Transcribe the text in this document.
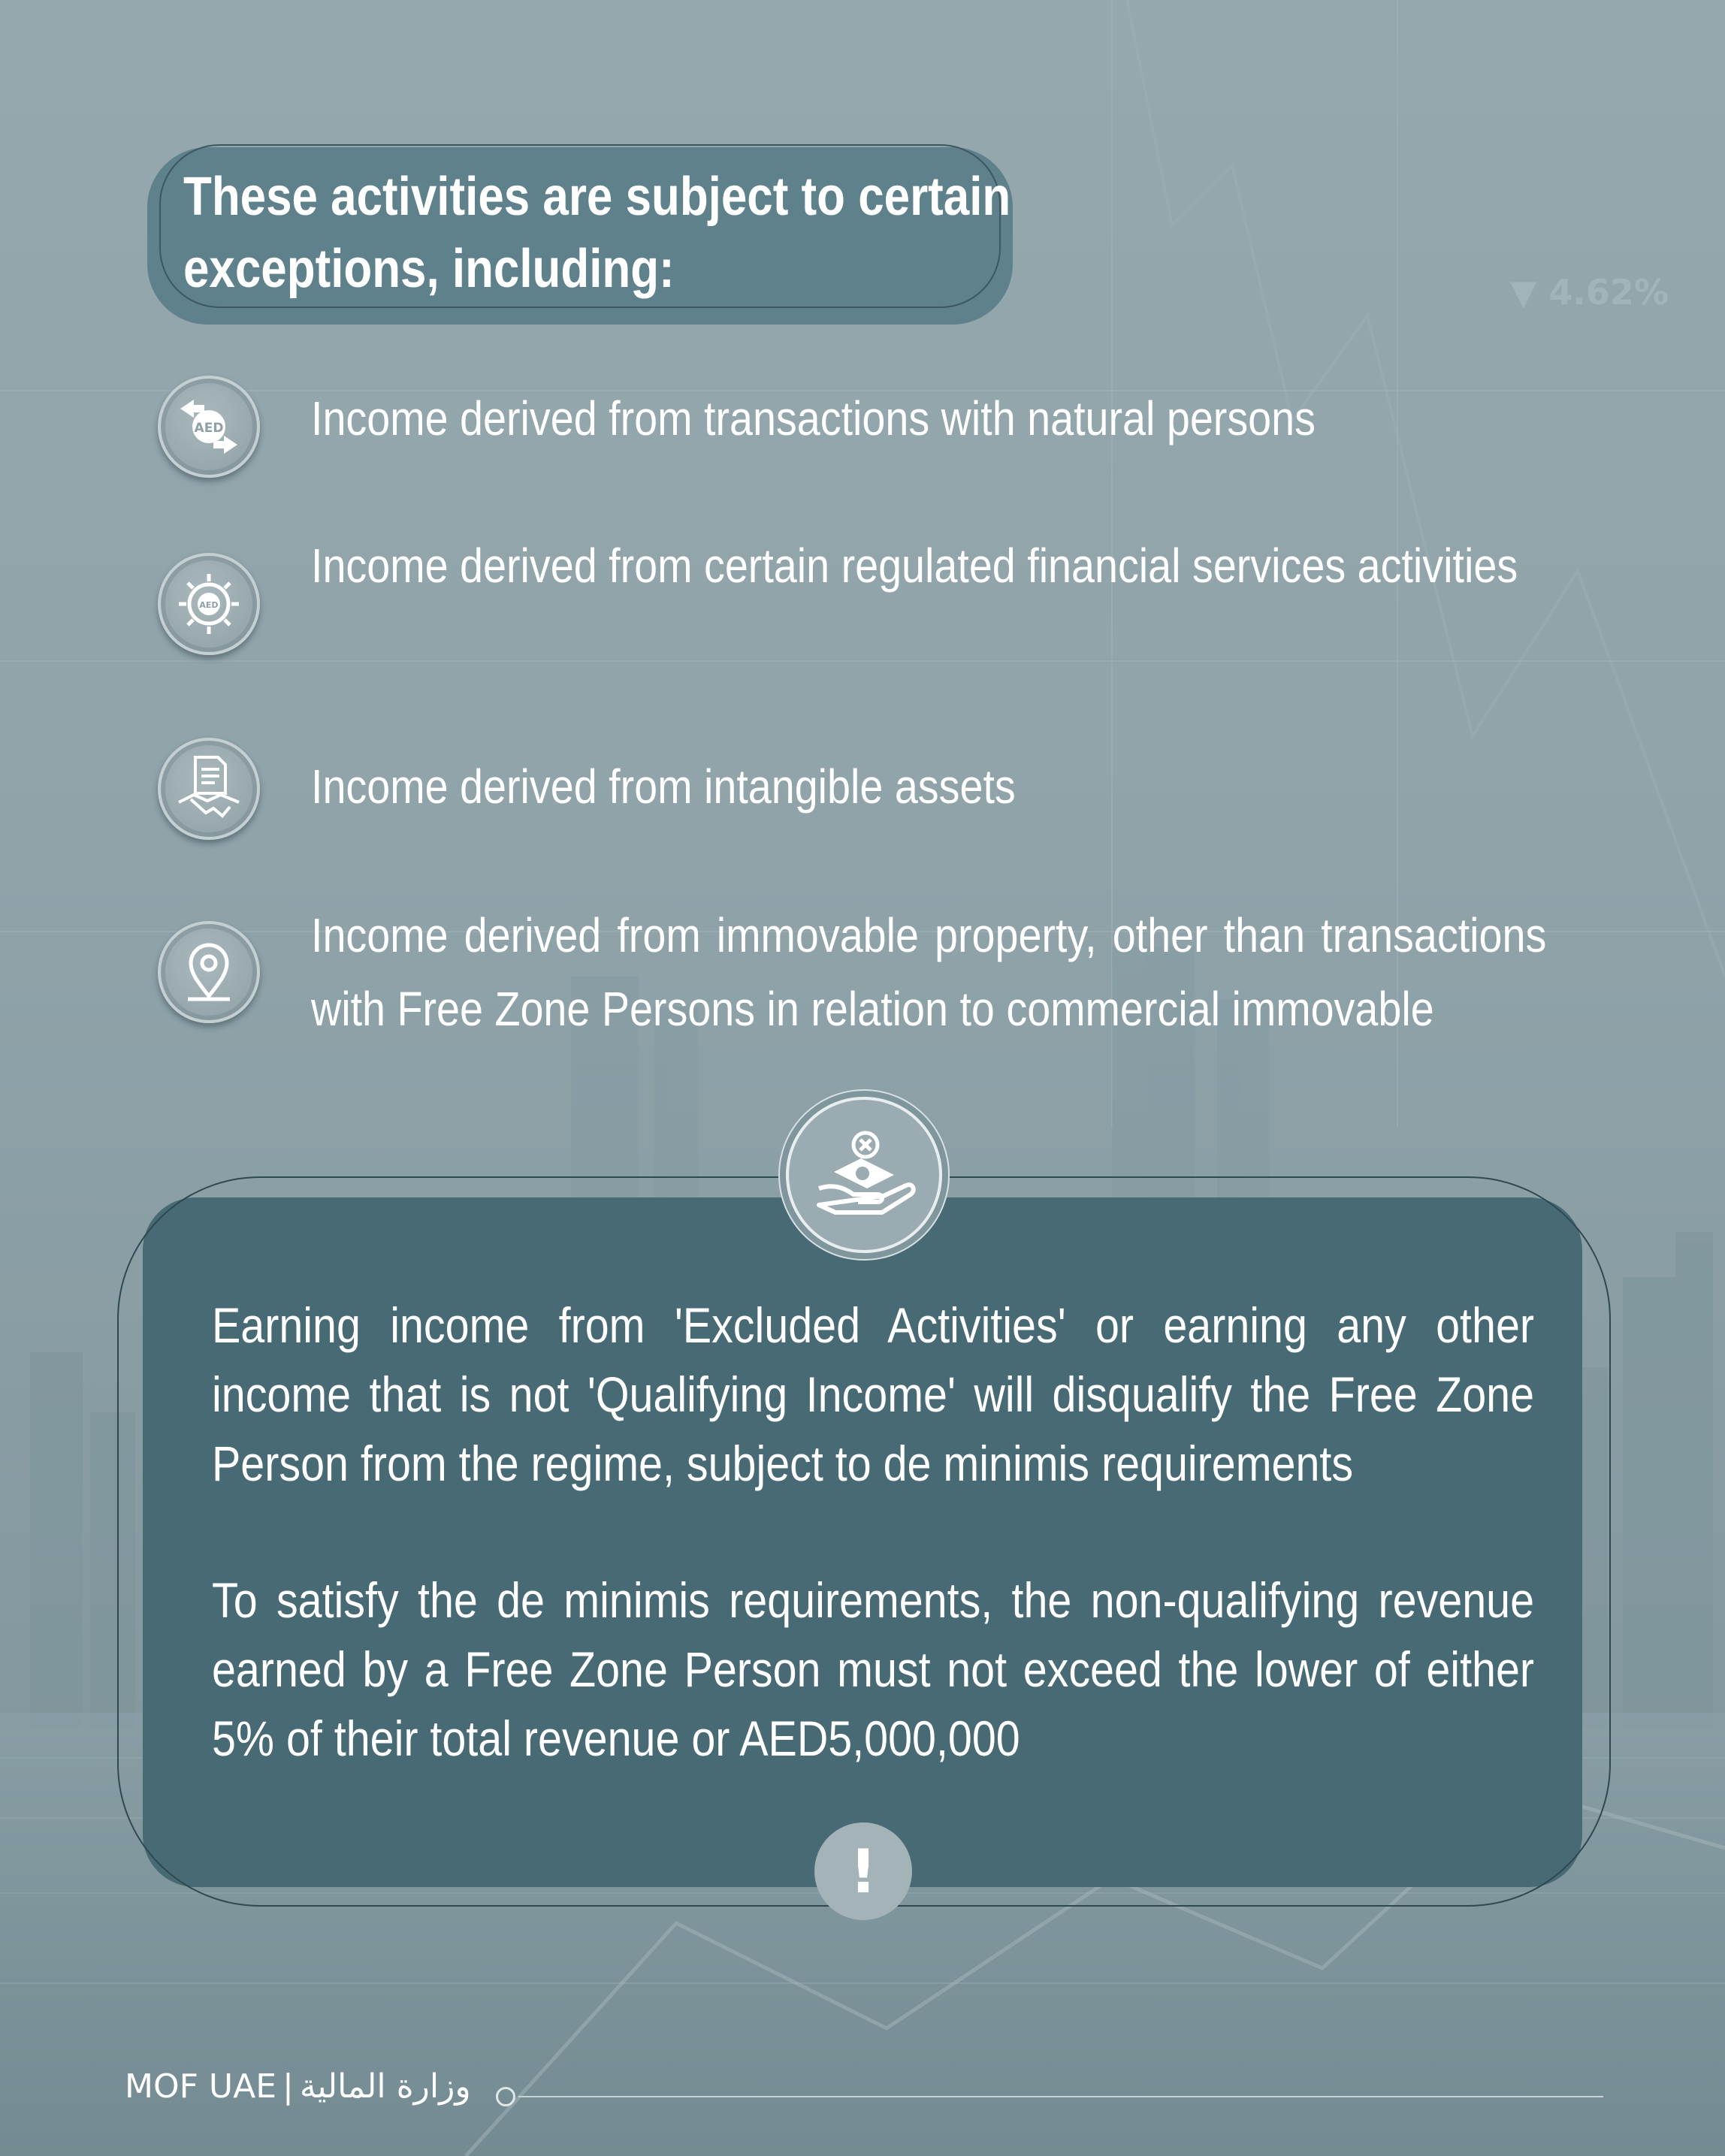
▼ 4.62%
These activities are subject to certain
exceptions, including:
AED Income derived from transactions with natural persons
AED
Income derived from certain regulated financial services activities
Income derived from intangible assets
Income derived from immovable property, other than transactions with Free Zone Persons in relation to commercial immovable
Earning income from 'Excluded Activities' or earning any other income that is not 'Qualifying Income' will disqualify the Free Zone Person from the regime, subject to de minimis requirements
To satisfy the de minimis requirements, the non-qualifying revenue earned by a Free Zone Person must not exceed the lower of either 5% of their total revenue or AED5,000,000
!
MOF UAE | وزارة المالية
